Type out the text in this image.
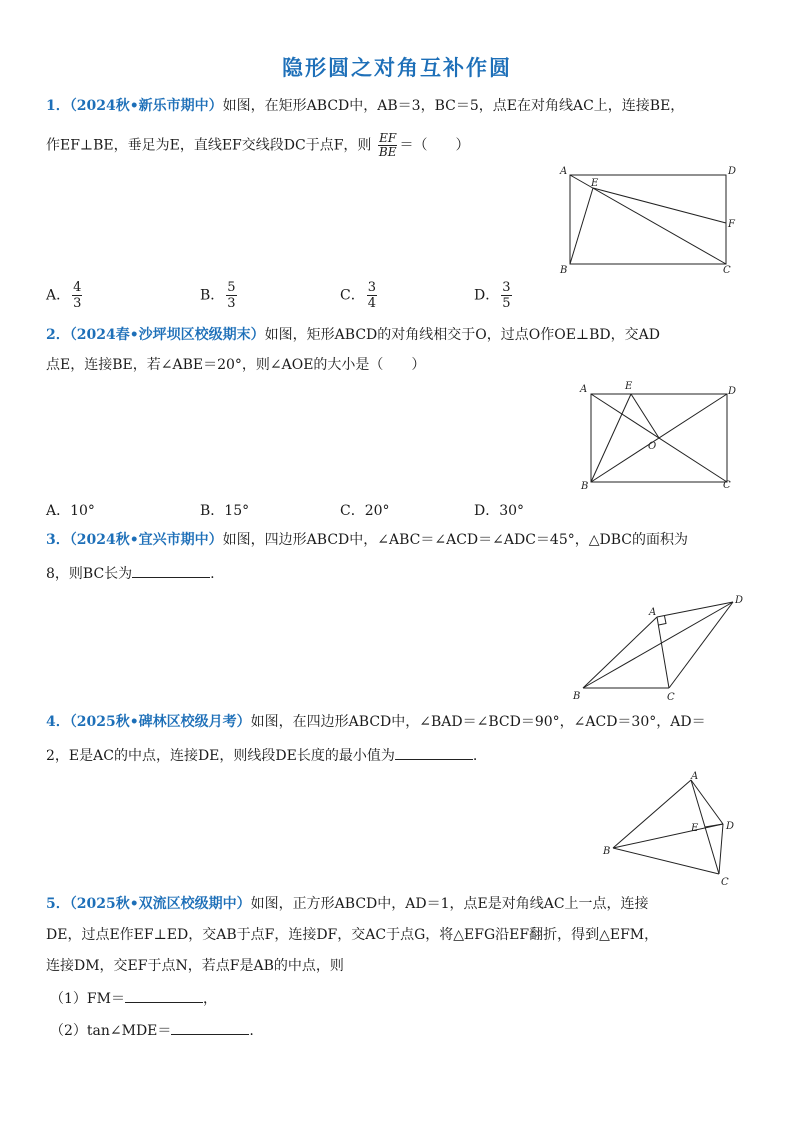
隐形圆之对角互补作圆
1．（2024秋•新乐市期中）如图，在矩形ABCD中，AB＝3，BC＝5，点E在对角线AC上，连接BE，
作EF⊥BE，垂足为E，直线EF交线段DC于点F，则 $\frac{EF}{BE}$ ＝（　　）
A	D
B	C
E
F
A． $\frac{4}{3}$	B． $\frac{5}{3}$	C． $\frac{3}{4}$	D． $\frac{3}{5}$
2．（2024春•沙坪坝区校级期末）如图，矩形ABCD的对角线相交于O，过点O作OE⊥BD，交AD
点E，连接BE，若∠ABE＝20°，则∠AOE的大小是（　　）
A	E	D
O
B	C
A．10°	B．15°	C．20°	D．30°
3．（2024秋•宜兴市期中）如图，四边形ABCD中，∠ABC＝∠ACD＝∠ADC＝45°，△DBC的面积为
8，则BC长为	.
A
D
B	C
4．（2025秋•碑林区校级月考）如图，在四边形ABCD中，∠BAD＝∠BCD＝90°，∠ACD＝30°，AD＝
2，E是AC的中点，连接DE，则线段DE长度的最小值为	.
A
D
E
B
C
5．（2025秋•双流区校级期中）如图，正方形ABCD中，AD＝1，点E是对角线AC上一点，连接
DE，过点E作EF⊥ED，交AB于点F，连接DF，交AC于点G，将△EFG沿EF翻折，得到△EFM，
连接DM，交EF于点N，若点F是AB的中点，则
（1）FM＝	，
（2）tan∠MDE＝	.
